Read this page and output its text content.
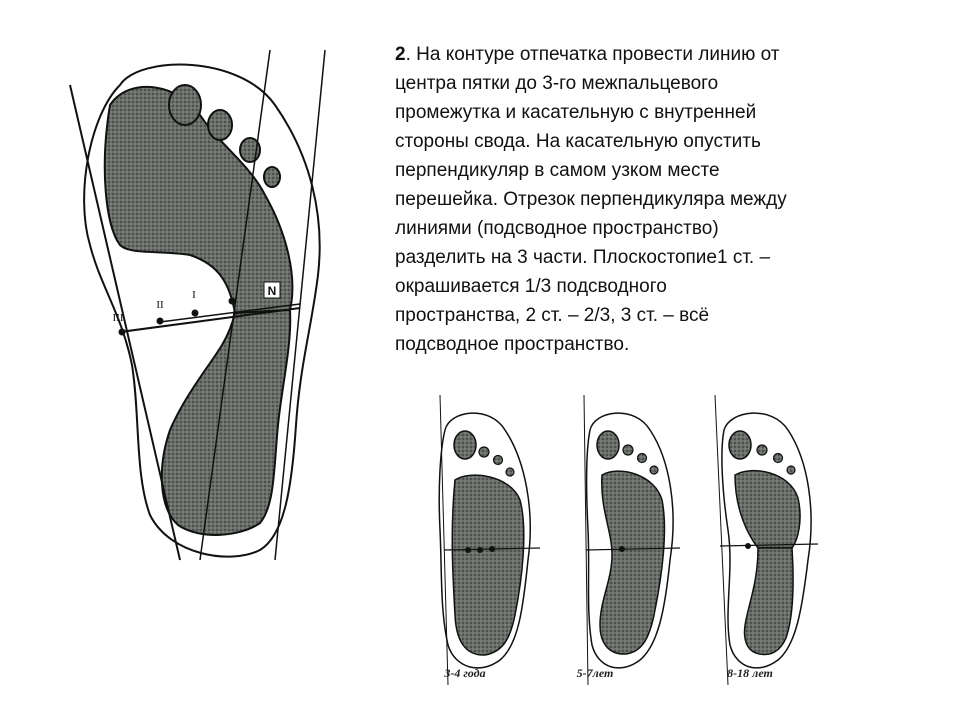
N
I
II
III
2. На контуре отпечатка провести линию от
центра пятки до 3-го межпальцевого
промежутка и касательную с внутренней
стороны свода. На касательную опустить
перпендикуляр в самом узком месте
перешейка. Отрезок перпендикуляра между
линиями (подсводное пространство)
разделить на 3 части. Плоскостопие1 ст. –
окрашивается 1/3 подсводного
пространства, 2 ст. – 2/3, 3 ст. – всё
подсводное пространство.
3-4 года	5-7лет	8-18 лет
